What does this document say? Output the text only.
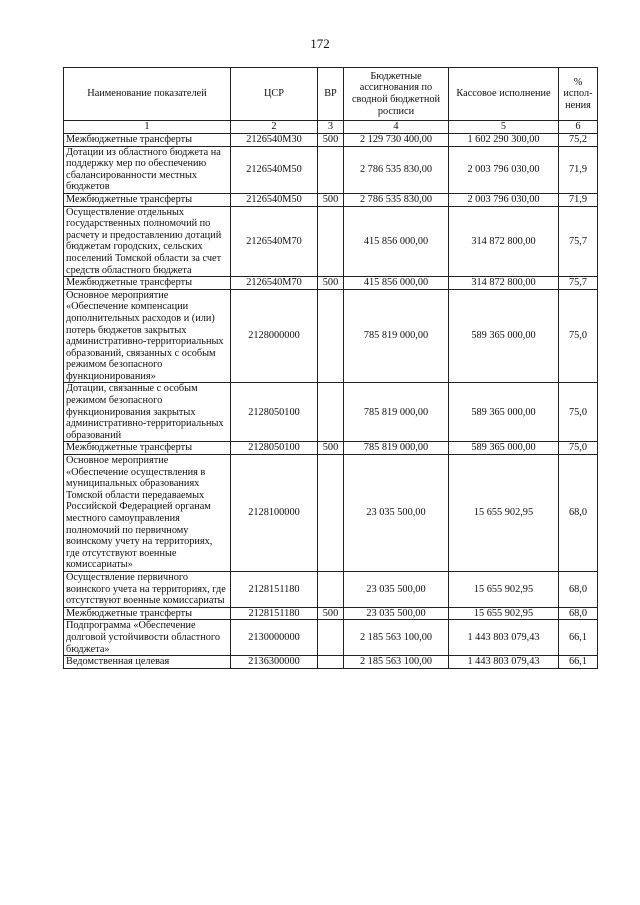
172
Наименование показателей	ЦСР	ВР	Бюджетные ассигнования по сводной бюджетной росписи	Кассовое исполнение	% испол-нения
1	2	3	4	5	6
Межбюджетные трансферты	2126540M30	500	2 129 730 400,00	1 602 290 300,00	75,2
Дотации из областного бюджета на поддержку мер по обеспечению сбалансированности местных бюджетов	2126540M50		2 786 535 830,00	2 003 796 030,00	71,9
Межбюджетные трансферты	2126540M50	500	2 786 535 830,00	2 003 796 030,00	71,9
Осуществление отдельных государственных полномочий по расчету и предоставлению дотаций бюджетам городских, сельских поселений Томской области за счет средств областного бюджета	2126540M70		415 856 000,00	314 872 800,00	75,7
Межбюджетные трансферты	2126540M70	500	415 856 000,00	314 872 800,00	75,7
Основное мероприятие «Обеспечение компенсации дополнительных расходов и (или) потерь бюджетов закрытых административно-территориальных образований, связанных с особым режимом безопасного функционирования»	2128000000		785 819 000,00	589 365 000,00	75,0
Дотации, связанные с особым режимом безопасного функционирования закрытых административно-территориальных образований	2128050100		785 819 000,00	589 365 000,00	75,0
Межбюджетные трансферты	2128050100	500	785 819 000,00	589 365 000,00	75,0
Основное мероприятие «Обеспечение осуществления в муниципальных образованиях Томской области передаваемых Российской Федерацией органам местного самоуправления полномочий по первичному воинскому учету на территориях, где отсутствуют военные комиссариаты»	2128100000		23 035 500,00	15 655 902,95	68,0
Осуществление первичного воинского учета на территориях, где отсутствуют военные комиссариаты	2128151180		23 035 500,00	15 655 902,95	68,0
Межбюджетные трансферты	2128151180	500	23 035 500,00	15 655 902,95	68,0
Подпрограмма «Обеспечение долговой устойчивости областного бюджета»	2130000000		2 185 563 100,00	1 443 803 079,43	66,1
Ведомственная целевая	2136300000		2 185 563 100,00	1 443 803 079,43	66,1
